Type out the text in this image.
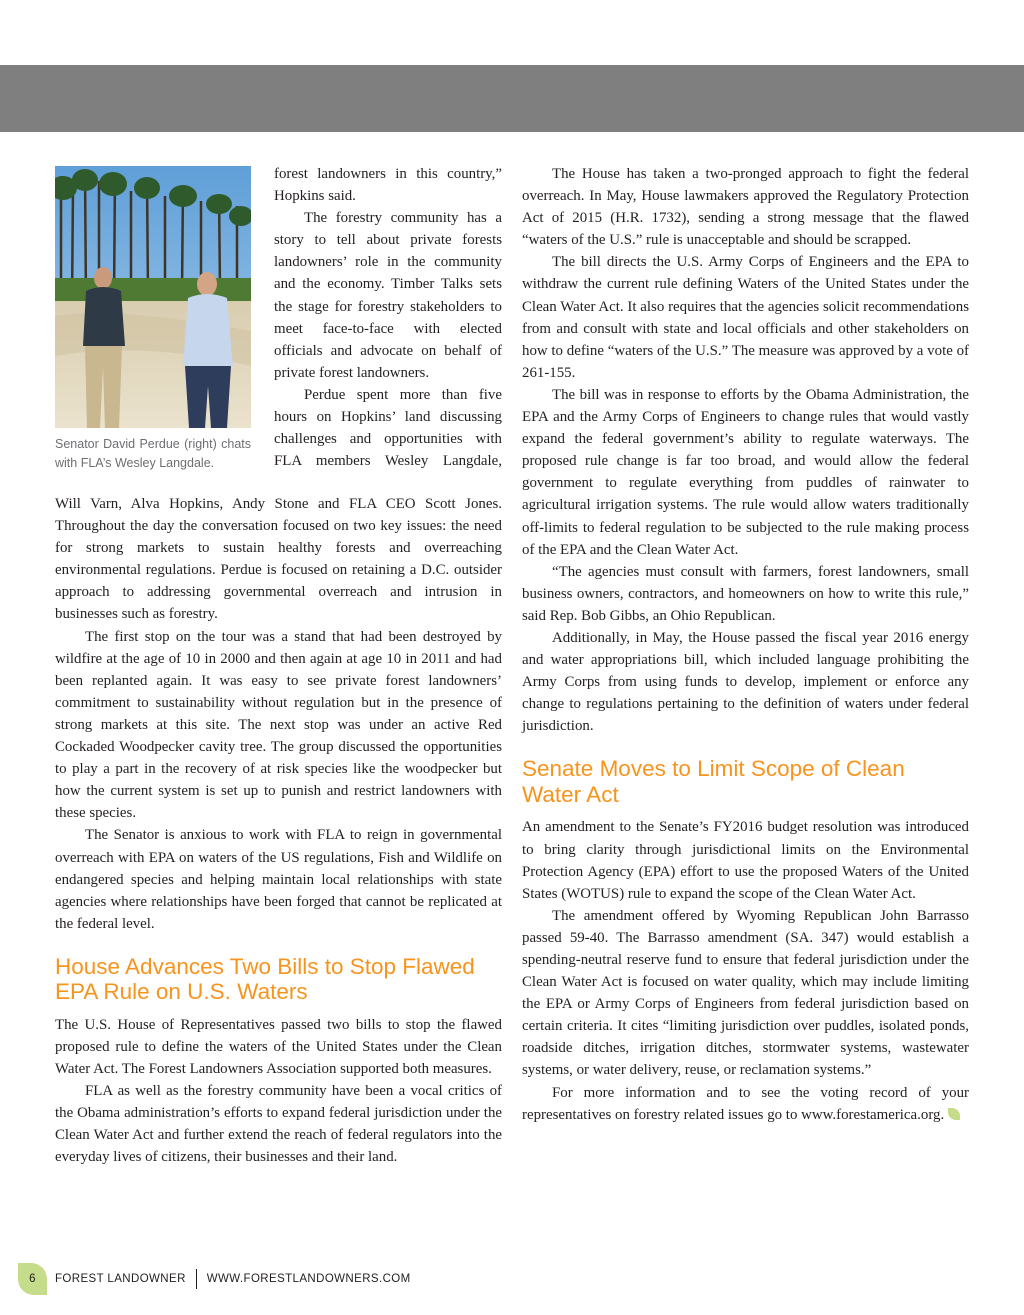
Senator David Perdue (right) chats with FLA’s Wesley Langdale.

forest landowners in this country,” Hopkins said.

The forestry community has a story to tell about private forests landowners’ role in the community and the economy. Timber Talks sets the stage for forestry stakeholders to meet face-to-face with elected officials and advocate on behalf of private forest landowners.

Perdue spent more than five hours on Hopkins’ land discussing challenges and opportunities with FLA members Wesley Langdale,

Will Varn, Alva Hopkins, Andy Stone and FLA CEO Scott Jones. Throughout the day the conversation focused on two key issues: the need for strong markets to sustain healthy forests and overreaching environmental regulations. Perdue is focused on retaining a D.C. outsider approach to addressing governmental overreach and intrusion in businesses such as forestry.

The first stop on the tour was a stand that had been destroyed by wildfire at the age of 10 in 2000 and then again at age 10 in 2011 and had been replanted again. It was easy to see private forest landowners’ commitment to sustainability without regulation but in the presence of strong markets at this site. The next stop was under an active Red Cockaded Woodpecker cavity tree. The group discussed the opportunities to play a part in the recovery of at risk species like the woodpecker but how the current system is set up to punish and restrict landowners with these species.

The Senator is anxious to work with FLA to reign in governmental overreach with EPA on waters of the US regulations, Fish and Wildlife on endangered species and helping maintain local relationships with state agencies where relationships have been forged that cannot be replicated at the federal level.

House Advances Two Bills to Stop Flawed EPA Rule on U.S. Waters

The U.S. House of Representatives passed two bills to stop the flawed proposed rule to define the waters of the United States under the Clean Water Act. The Forest Landowners Association supported both measures.

FLA as well as the forestry community have been a vocal critics of the Obama administration’s efforts to expand federal jurisdiction under the Clean Water Act and further extend the reach of federal regulators into the everyday lives of citizens, their businesses and their land.

The House has taken a two-pronged approach to fight the federal overreach. In May, House lawmakers approved the Regulatory Protection Act of 2015 (H.R. 1732), sending a strong message that the flawed “waters of the U.S.” rule is unacceptable and should be scrapped.

The bill directs the U.S. Army Corps of Engineers and the EPA to withdraw the current rule defining Waters of the United States under the Clean Water Act. It also requires that the agencies solicit recommendations from and consult with state and local officials and other stakeholders on how to define “waters of the U.S.” The measure was approved by a vote of 261-155.

The bill was in response to efforts by the Obama Administration, the EPA and the Army Corps of Engineers to change rules that would vastly expand the federal government’s ability to regulate waterways. The proposed rule change is far too broad, and would allow the federal government to regulate everything from puddles of rainwater to agricultural irrigation systems. The rule would allow waters traditionally off-limits to federal regulation to be subjected to the rule making process of the EPA and the Clean Water Act.

“The agencies must consult with farmers, forest landowners, small business owners, contractors, and homeowners on how to write this rule,” said Rep. Bob Gibbs, an Ohio Republican.

Additionally, in May, the House passed the fiscal year 2016 energy and water appropriations bill, which included language prohibiting the Army Corps from using funds to develop, implement or enforce any change to regulations pertaining to the definition of waters under federal jurisdiction.

Senate Moves to Limit Scope of Clean Water Act

An amendment to the Senate’s FY2016 budget resolution was introduced to bring clarity through jurisdictional limits on the Environmental Protection Agency (EPA) effort to use the proposed Waters of the United States (WOTUS) rule to expand the scope of the Clean Water Act.

The amendment offered by Wyoming Republican John Barrasso passed 59-40. The Barrasso amendment (SA. 347) would establish a spending-neutral reserve fund to ensure that federal jurisdiction under the Clean Water Act is focused on water quality, which may include limiting the EPA or Army Corps of Engineers from federal jurisdiction based on certain criteria. It cites “limiting jurisdiction over puddles, isolated ponds, roadside ditches, irrigation ditches, stormwater systems, wastewater systems, or water delivery, reuse, or reclamation systems.”

For more information and to see the voting record of your representatives on forestry related issues go to www.forestamerica.org.

6	FOREST LANDOWNER WWW.FORESTLANDOWNERS.COM
